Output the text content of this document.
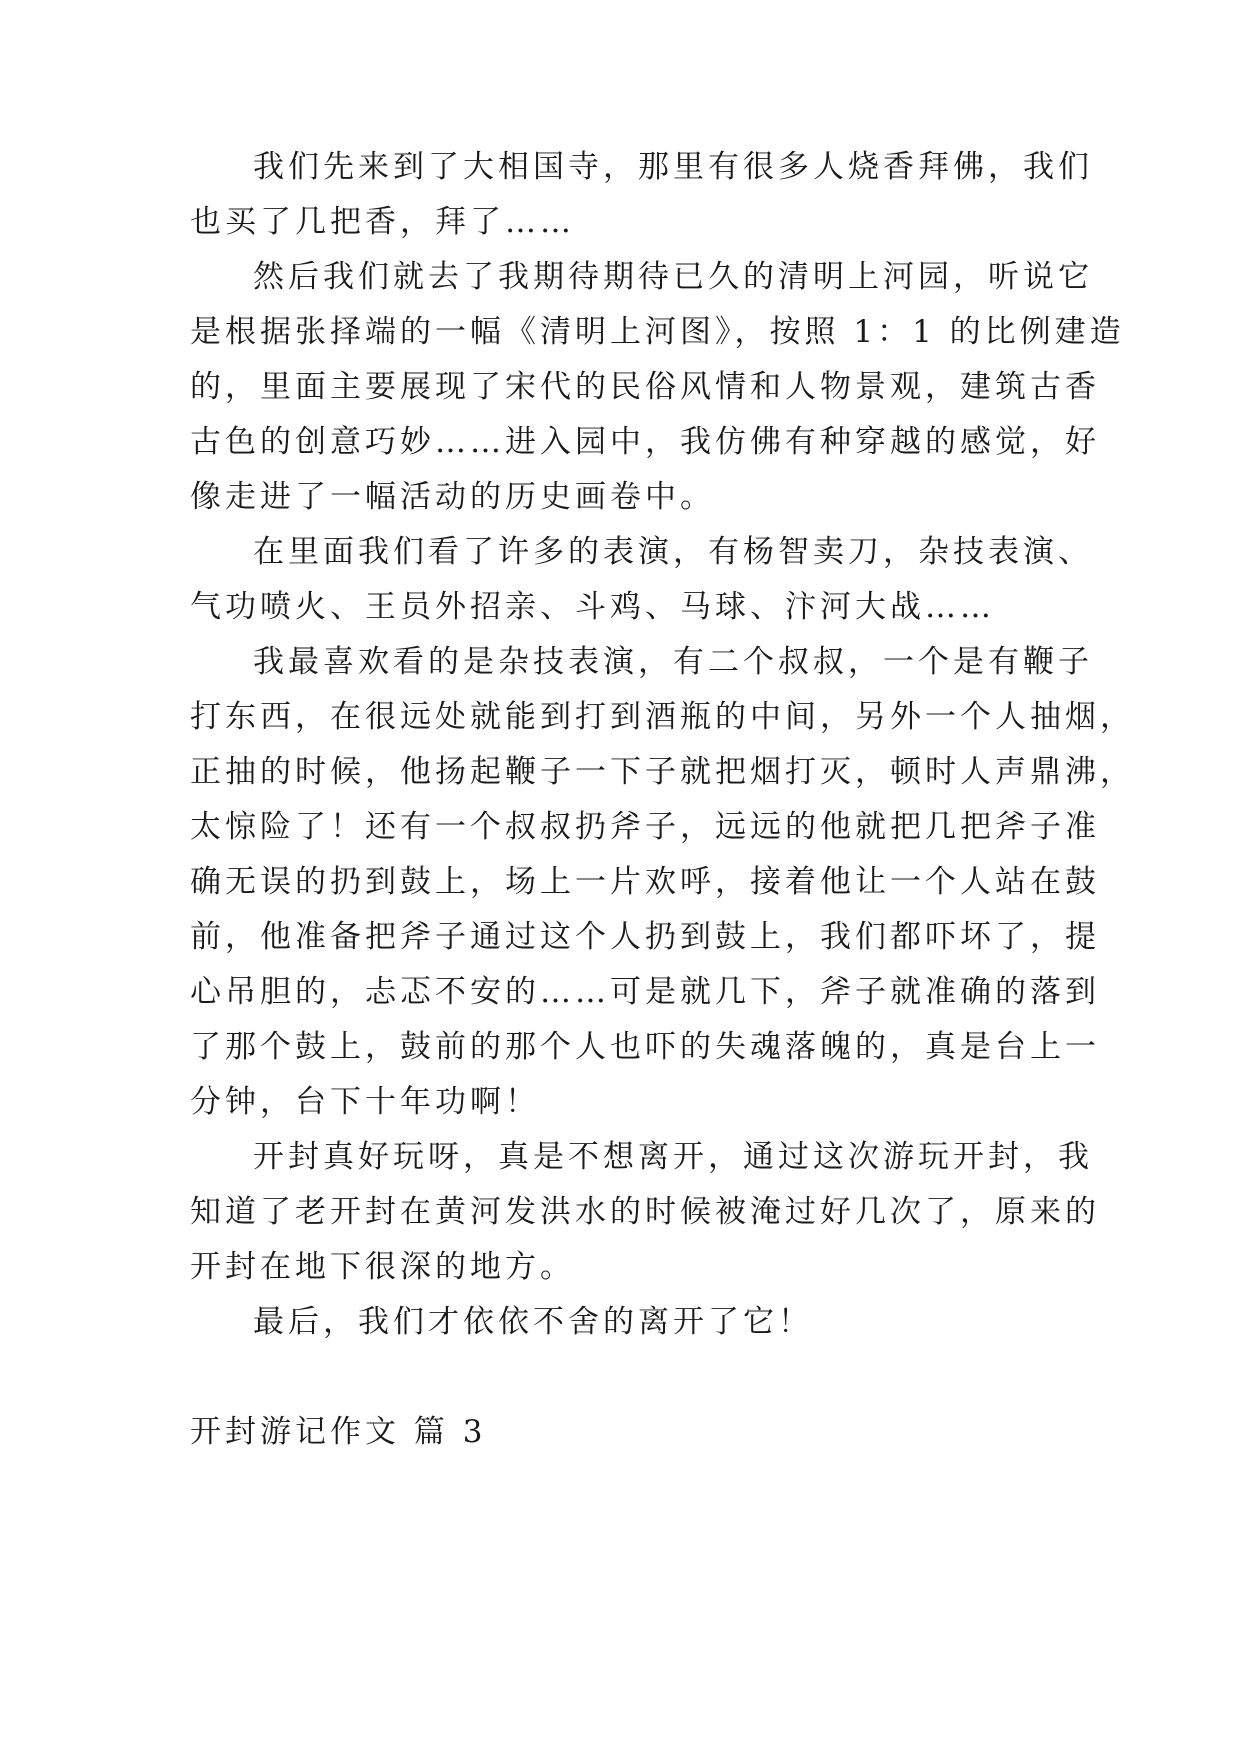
我们先来到了大相国寺，那里有很多人烧香拜佛，我们
也买了几把香，拜了……
然后我们就去了我期待期待已久的清明上河园，听说它
是根据张择端的一幅《清明上河图》，按照 1：1 的比例建造
的，里面主要展现了宋代的民俗风情和人物景观，建筑古香
古色的创意巧妙……进入园中，我仿佛有种穿越的感觉，好
像走进了一幅活动的历史画卷中。
在里面我们看了许多的表演，有杨智卖刀，杂技表演、
气功喷火、王员外招亲、斗鸡、马球、汴河大战……
我最喜欢看的是杂技表演，有二个叔叔，一个是有鞭子
打东西，在很远处就能到打到酒瓶的中间，另外一个人抽烟，
正抽的时候，他扬起鞭子一下子就把烟打灭，顿时人声鼎沸，
太惊险了！还有一个叔叔扔斧子，远远的他就把几把斧子准
确无误的扔到鼓上，场上一片欢呼，接着他让一个人站在鼓
前，他准备把斧子通过这个人扔到鼓上，我们都吓坏了，提
心吊胆的，忐忑不安的……可是就几下，斧子就准确的落到
了那个鼓上，鼓前的那个人也吓的失魂落魄的，真是台上一
分钟，台下十年功啊！
开封真好玩呀，真是不想离开，通过这次游玩开封，我
知道了老开封在黄河发洪水的时候被淹过好几次了，原来的
开封在地下很深的地方。
最后，我们才依依不舍的离开了它！
开封游记作文 篇 3
